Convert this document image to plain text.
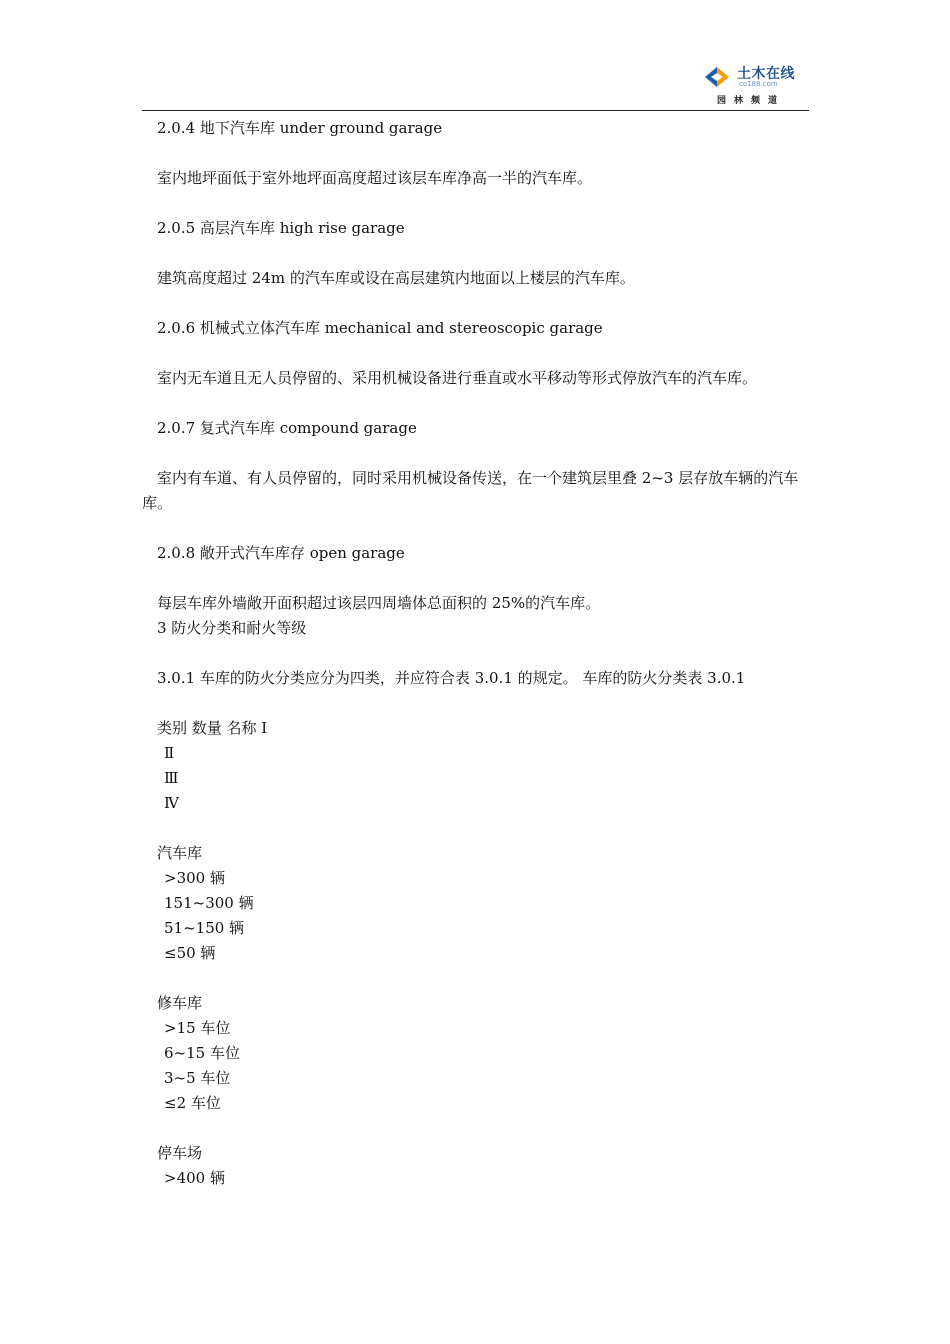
土木在线
co188.com
园林频道
2.0.4 地下汽车库 under ground garage
室内地坪面低于室外地坪面高度超过该层车库净高一半的汽车库。
2.0.5 高层汽车库 high rise garage
建筑高度超过 24m 的汽车库或设在高层建筑内地面以上楼层的汽车库。
2.0.6 机械式立体汽车库 mechanical and stereoscopic garage
室内无车道且无人员停留的、采用机械设备进行垂直或水平移动等形式停放汽车的汽车库。
2.0.7 复式汽车库 compound garage
室内有车道、有人员停留的，同时采用机械设备传送，在一个建筑层里叠 2~3 层存放车辆的汽车库。
2.0.8 敞开式汽车库存 open garage
每层车库外墙敞开面积超过该层四周墙体总面积的 25%的汽车库。
3 防火分类和耐火等级
3.0.1 车库的防火分类应分为四类，并应符合表 3.0.1 的规定。 车库的防火分类表 3.0.1
类别 数量 名称 Ⅰ
Ⅱ
Ⅲ
Ⅳ
汽车库
>300 辆
151~300 辆
51~150 辆
≤50 辆
修车库
>15 车位
6~15 车位
3~5 车位
≤2 车位
停车场
>400 辆
